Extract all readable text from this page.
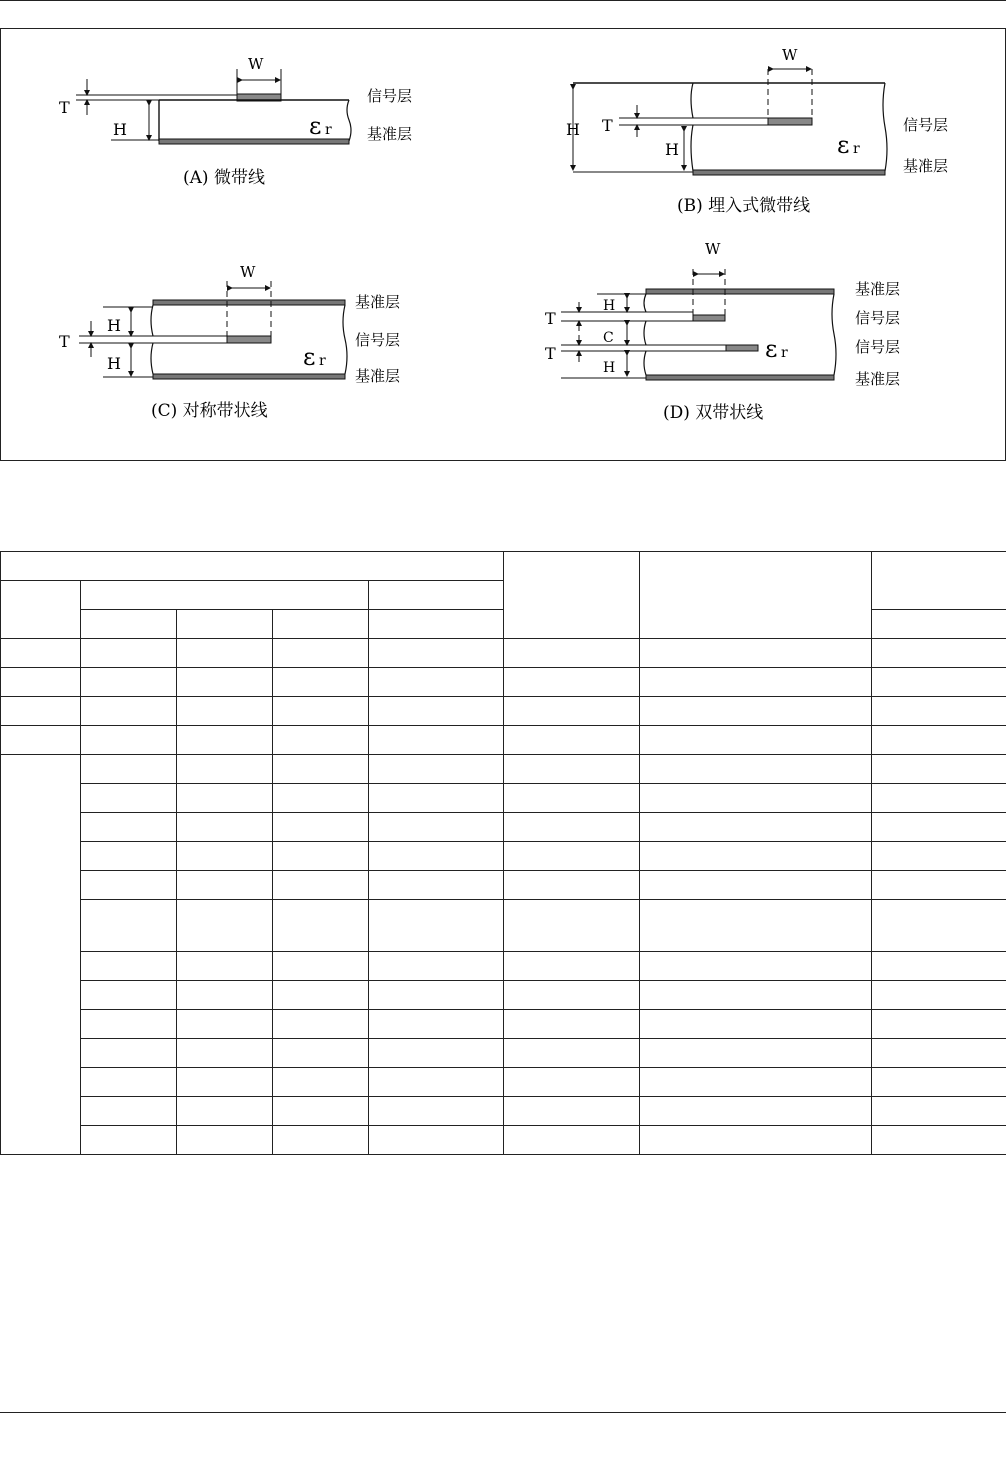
T
H
W
ε r
信号层
基准层
(A) 微带线
H T
H
W
ε r
信号层
基准层
(B) 埋入式微带线
T
H
H
W
ε r
基准层
信号层
基准层
(C) 对称带状线
T
T
H
C
H
W
ε r
基准层
信号层
信号层
基准层
(D) 双带状线
